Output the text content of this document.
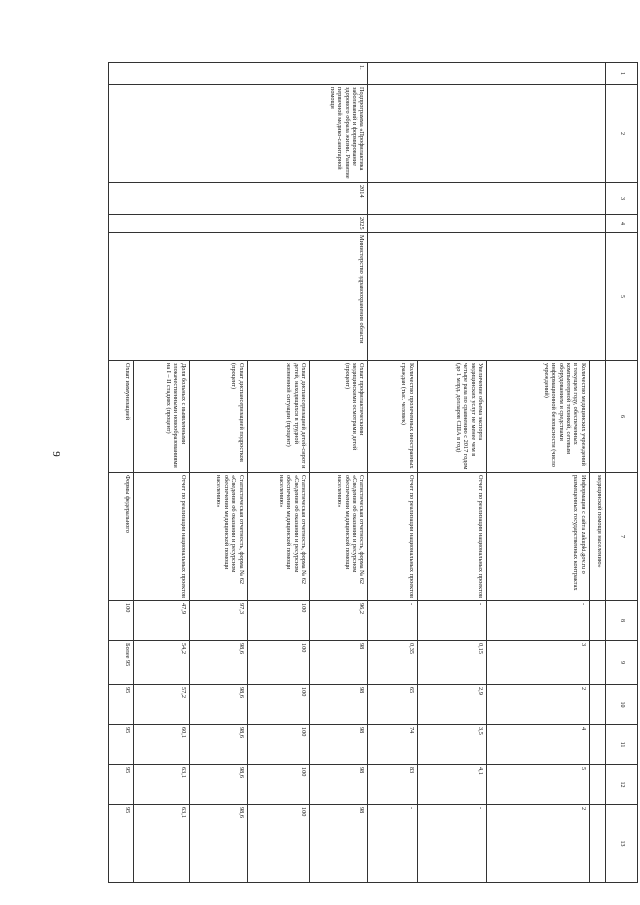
9
1	2	3	4	5	6	7	8	9	10	11	12	13
						медицинской помощи населению»						
					Количество медицинских учреждений в текущем году, обеспеченных компьютерной техникой, сетевым оборудованием и средствами информационной безопасности (число учреждений)	Информация с сайта zakupki.gov.ru о размещенных государственных контрактах	-	3	2	4	5	2
					Увеличение объема экспорта медицинских услуг не менее чем в четыре раза по сравнению с 2017 годом (до 1 млрд. долларов США в год)	Отчет по реализации национальных проектов	-	0,15	2,9	3,5	4,1	-
					Количество пролеченных иностранных граждан (тыс. человек)	Отчет по реализации национальных проектов	-	0,35	65	74	83	-
1.	Подпрограмма «Профилактика заболеваний и формирование здорового образа жизни. Развитие первичной медико-санитарной помощи	2014	2025	Министерство здравоохранения области	Охват профилактическими медицинскими осмотрами детей (процент)	Статистическая отчетность, форма № 62 «Сведения об оказании и ресурсном обеспечении медицинской помощи населению»	96,2	98	98	98	98	98
					Охват диспансеризацией детей-сирот и детей, находящихся в трудной жизненной ситуации (процент)	Статистическая отчетность, форма № 62 «Сведения об оказании и ресурсном обеспечении медицинской помощи населению»	100	100	100	100	100	100
					Охват диспансеризацией подростков (процент)	Статистическая отчетность, форма № 62 «Сведения об оказании и ресурсном обеспечении медицинской помощи населению»	97,3	98,6	98,6	98,6	98,6	98,6
					Доля больных с выявленными злокачественными новообразованиями на I – II стадиях (процент)	Отчет по реализации национальных проектов	47,9	54,2	57,2	60,1	63,1	63,1
					Охват иммунизацией	Формы федерального	100	Более 95	95	95	95	95
